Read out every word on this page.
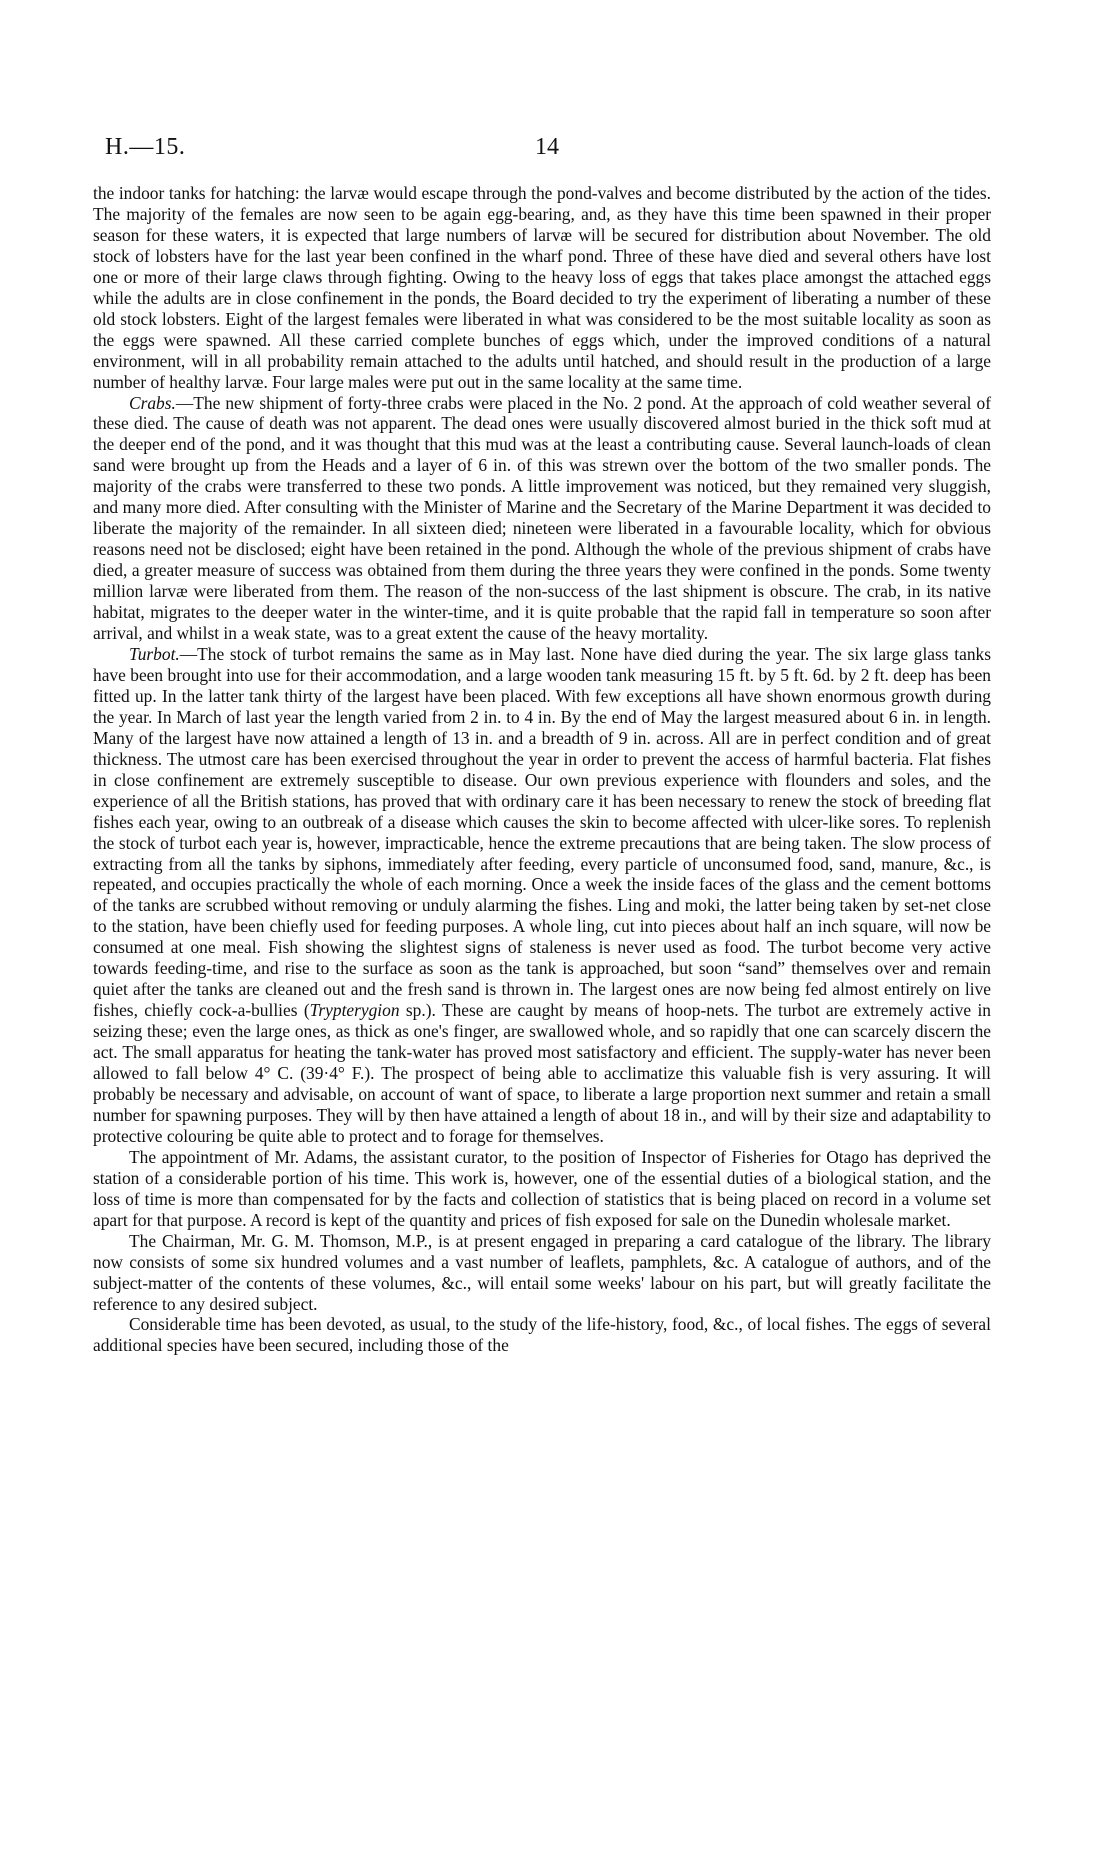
H.—15.	14

the indoor tanks for hatching: the larvæ would escape through the pond-valves and become distributed by the action of the tides. The majority of the females are now seen to be again egg-bearing, and, as they have this time been spawned in their proper season for these waters, it is expected that large numbers of larvæ will be secured for distribution about November. The old stock of lobsters have for the last year been confined in the wharf pond. Three of these have died and several others have lost one or more of their large claws through fighting. Owing to the heavy loss of eggs that takes place amongst the attached eggs while the adults are in close confinement in the ponds, the Board decided to try the experiment of liberating a number of these old stock lobsters. Eight of the largest females were liberated in what was considered to be the most suitable locality as soon as the eggs were spawned. All these carried complete bunches of eggs which, under the improved conditions of a natural environment, will in all probability remain attached to the adults until hatched, and should result in the production of a large number of healthy larvæ. Four large males were put out in the same locality at the same time.

Crabs.—The new shipment of forty-three crabs were placed in the No. 2 pond. At the approach of cold weather several of these died. The cause of death was not apparent. The dead ones were usually discovered almost buried in the thick soft mud at the deeper end of the pond, and it was thought that this mud was at the least a contributing cause. Several launch-loads of clean sand were brought up from the Heads and a layer of 6 in. of this was strewn over the bottom of the two smaller ponds. The majority of the crabs were transferred to these two ponds. A little improvement was noticed, but they remained very sluggish, and many more died. After consulting with the Minister of Marine and the Secretary of the Marine Department it was decided to liberate the majority of the remainder. In all sixteen died; nineteen were liberated in a favourable locality, which for obvious reasons need not be disclosed; eight have been retained in the pond. Although the whole of the previous shipment of crabs have died, a greater measure of success was obtained from them during the three years they were confined in the ponds. Some twenty million larvæ were liberated from them. The reason of the non-success of the last shipment is obscure. The crab, in its native habitat, migrates to the deeper water in the winter-time, and it is quite probable that the rapid fall in temperature so soon after arrival, and whilst in a weak state, was to a great extent the cause of the heavy mortality.

Turbot.—The stock of turbot remains the same as in May last. None have died during the year. The six large glass tanks have been brought into use for their accommodation, and a large wooden tank measuring 15 ft. by 5 ft. 6d. by 2 ft. deep has been fitted up. In the latter tank thirty of the largest have been placed. With few exceptions all have shown enormous growth during the year. In March of last year the length varied from 2 in. to 4 in. By the end of May the largest measured about 6 in. in length. Many of the largest have now attained a length of 13 in. and a breadth of 9 in. across. All are in perfect condition and of great thickness. The utmost care has been exercised throughout the year in order to prevent the access of harmful bacteria. Flat fishes in close confinement are extremely susceptible to disease. Our own previous experience with flounders and soles, and the experience of all the British stations, has proved that with ordinary care it has been necessary to renew the stock of breeding flat fishes each year, owing to an outbreak of a disease which causes the skin to become affected with ulcer-like sores. To replenish the stock of turbot each year is, however, impracticable, hence the extreme precautions that are being taken. The slow process of extracting from all the tanks by siphons, immediately after feeding, every particle of unconsumed food, sand, manure, &c., is repeated, and occupies practically the whole of each morning. Once a week the inside faces of the glass and the cement bottoms of the tanks are scrubbed without removing or unduly alarming the fishes. Ling and moki, the latter being taken by set-net close to the station, have been chiefly used for feeding purposes. A whole ling, cut into pieces about half an inch square, will now be consumed at one meal. Fish showing the slightest signs of staleness is never used as food. The turbot become very active towards feeding-time, and rise to the surface as soon as the tank is approached, but soon “sand” themselves over and remain quiet after the tanks are cleaned out and the fresh sand is thrown in. The largest ones are now being fed almost entirely on live fishes, chiefly cock-a-bullies (Trypterygion sp.). These are caught by means of hoop-nets. The turbot are extremely active in seizing these; even the large ones, as thick as one's finger, are swallowed whole, and so rapidly that one can scarcely discern the act. The small apparatus for heating the tank-water has proved most satisfactory and efficient. The supply-water has never been allowed to fall below 4° C. (39·4° F.). The prospect of being able to acclimatize this valuable fish is very assuring. It will probably be necessary and advisable, on account of want of space, to liberate a large proportion next summer and retain a small number for spawning purposes. They will by then have attained a length of about 18 in., and will by their size and adaptability to protective colouring be quite able to protect and to forage for themselves.

The appointment of Mr. Adams, the assistant curator, to the position of Inspector of Fisheries for Otago has deprived the station of a considerable portion of his time. This work is, however, one of the essential duties of a biological station, and the loss of time is more than compensated for by the facts and collection of statistics that is being placed on record in a volume set apart for that purpose. A record is kept of the quantity and prices of fish exposed for sale on the Dunedin wholesale market.

The Chairman, Mr. G. M. Thomson, M.P., is at present engaged in preparing a card catalogue of the library. The library now consists of some six hundred volumes and a vast number of leaflets, pamphlets, &c. A catalogue of authors, and of the subject-matter of the contents of these volumes, &c., will entail some weeks' labour on his part, but will greatly facilitate the reference to any desired subject.

Considerable time has been devoted, as usual, to the study of the life-history, food, &c., of local fishes. The eggs of several additional species have been secured, including those of the
